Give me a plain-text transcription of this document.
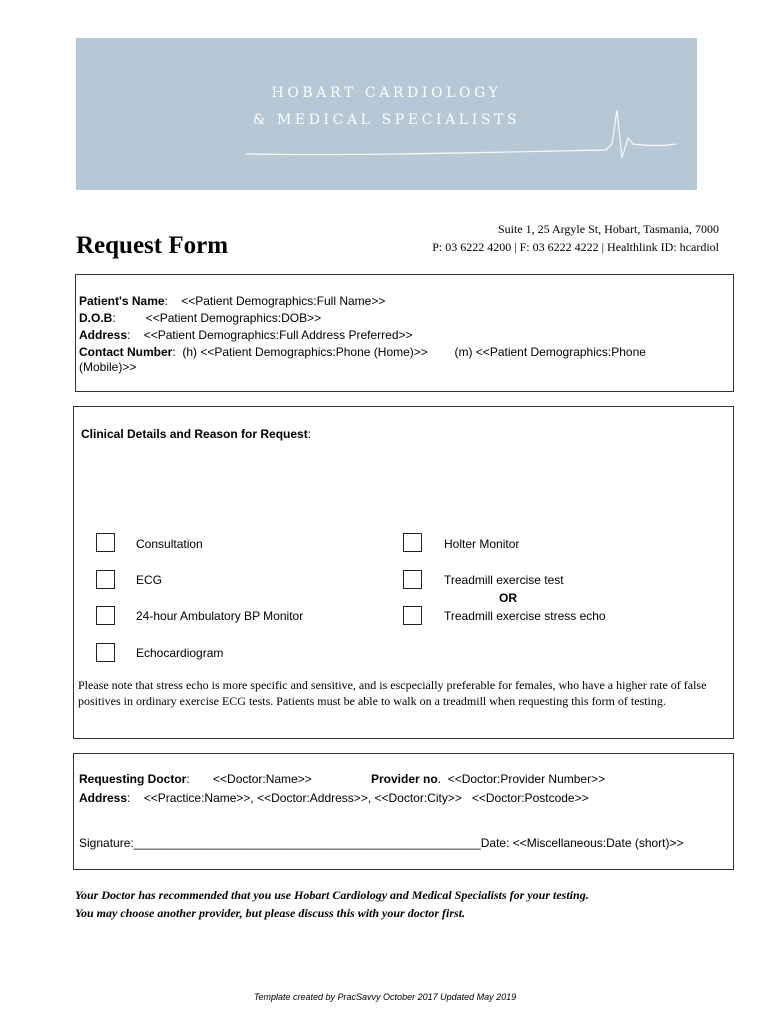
HOBART CARDIOLOGY
& MEDICAL SPECIALISTS
Request Form
Suite 1, 25 Argyle St, Hobart, Tasmania, 7000
P: 03 6222 4200 | F: 03 6222 4222 | Healthlink ID: hcardiol
Patient's Name:    <<Patient Demographics:Full Name>>
D.O.B:         <<Patient Demographics:DOB>>
Address:    <<Patient Demographics:Full Address Preferred>>
Contact Number:  (h) <<Patient Demographics:Phone (Home)>>        (m) <<Patient Demographics:Phone
(Mobile)>>
Clinical Details and Reason for Request:
Consultation
ECG
24-hour Ambulatory BP Monitor
Echocardiogram
Holter Monitor
Treadmill exercise test
OR
Treadmill exercise stress echo
Please note that stress echo is more specific and sensitive, and is escpecially preferable for females, who have a higher rate of false positives in ordinary exercise ECG tests. Patients must be able to walk on a treadmill when requesting this form of testing.
Requesting Doctor:       <<Doctor:Name>>	Provider no.  <<Doctor:Provider Number>>
Address:    <<Practice:Name>>, <<Doctor:Address>>, <<Doctor:City>>   <<Doctor:Postcode>>
Signature:____________________________________________________Date: <<Miscellaneous:Date (short)>>
Your Doctor has recommended that you use Hobart Cardiology and Medical Specialists for your testing.
You may choose another provider, but please discuss this with your doctor first.
Template created by PracSavvy October 2017 Updated May 2019
